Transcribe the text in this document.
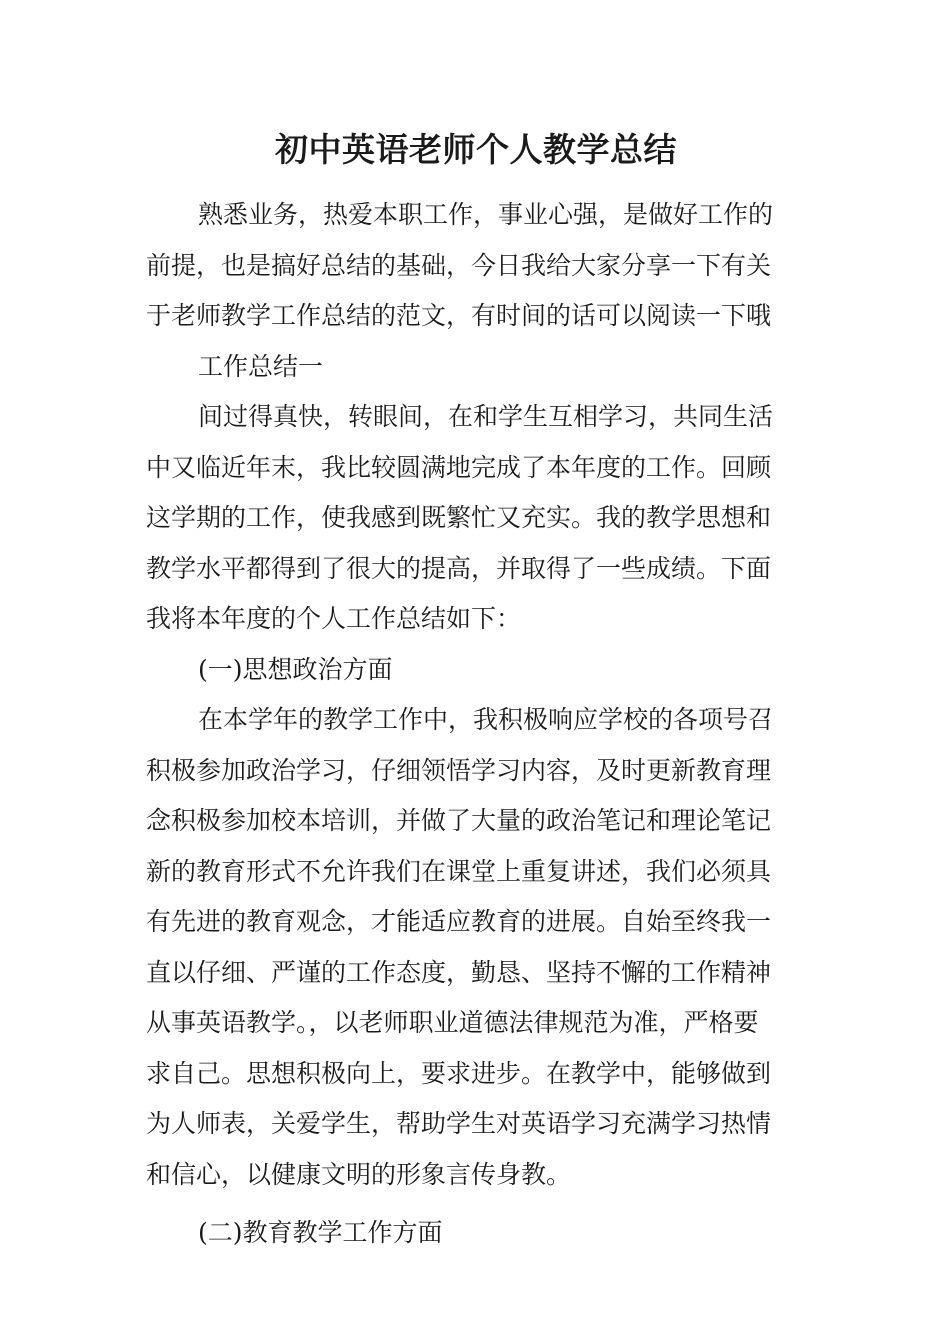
初中英语老师个人教学总结
熟悉业务，热爱本职工作，事业心强，是做好工作的
前提，也是搞好总结的基础，今日我给大家分享一下有关
于老师教学工作总结的范文，有时间的话可以阅读一下哦
工作总结一
间过得真快，转眼间，在和学生互相学习，共同生活
中又临近年末，我比较圆满地完成了本年度的工作。回顾
这学期的工作，使我感到既繁忙又充实。我的教学思想和
教学水平都得到了很大的提高，并取得了一些成绩。下面
我将本年度的个人工作总结如下：
(一)思想政治方面
在本学年的教学工作中，我积极响应学校的各项号召
积极参加政治学习，仔细领悟学习内容，及时更新教育理
念积极参加校本培训，并做了大量的政治笔记和理论笔记
新的教育形式不允许我们在课堂上重复讲述，我们必须具
有先进的教育观念，才能适应教育的进展。自始至终我一
直以仔细、严谨的工作态度，勤恳、坚持不懈的工作精神
从事英语教学。，以老师职业道德法律规范为准，严格要
求自己。思想积极向上，要求进步。在教学中，能够做到
为人师表，关爱学生，帮助学生对英语学习充满学习热情
和信心，以健康文明的形象言传身教。
(二)教育教学工作方面
